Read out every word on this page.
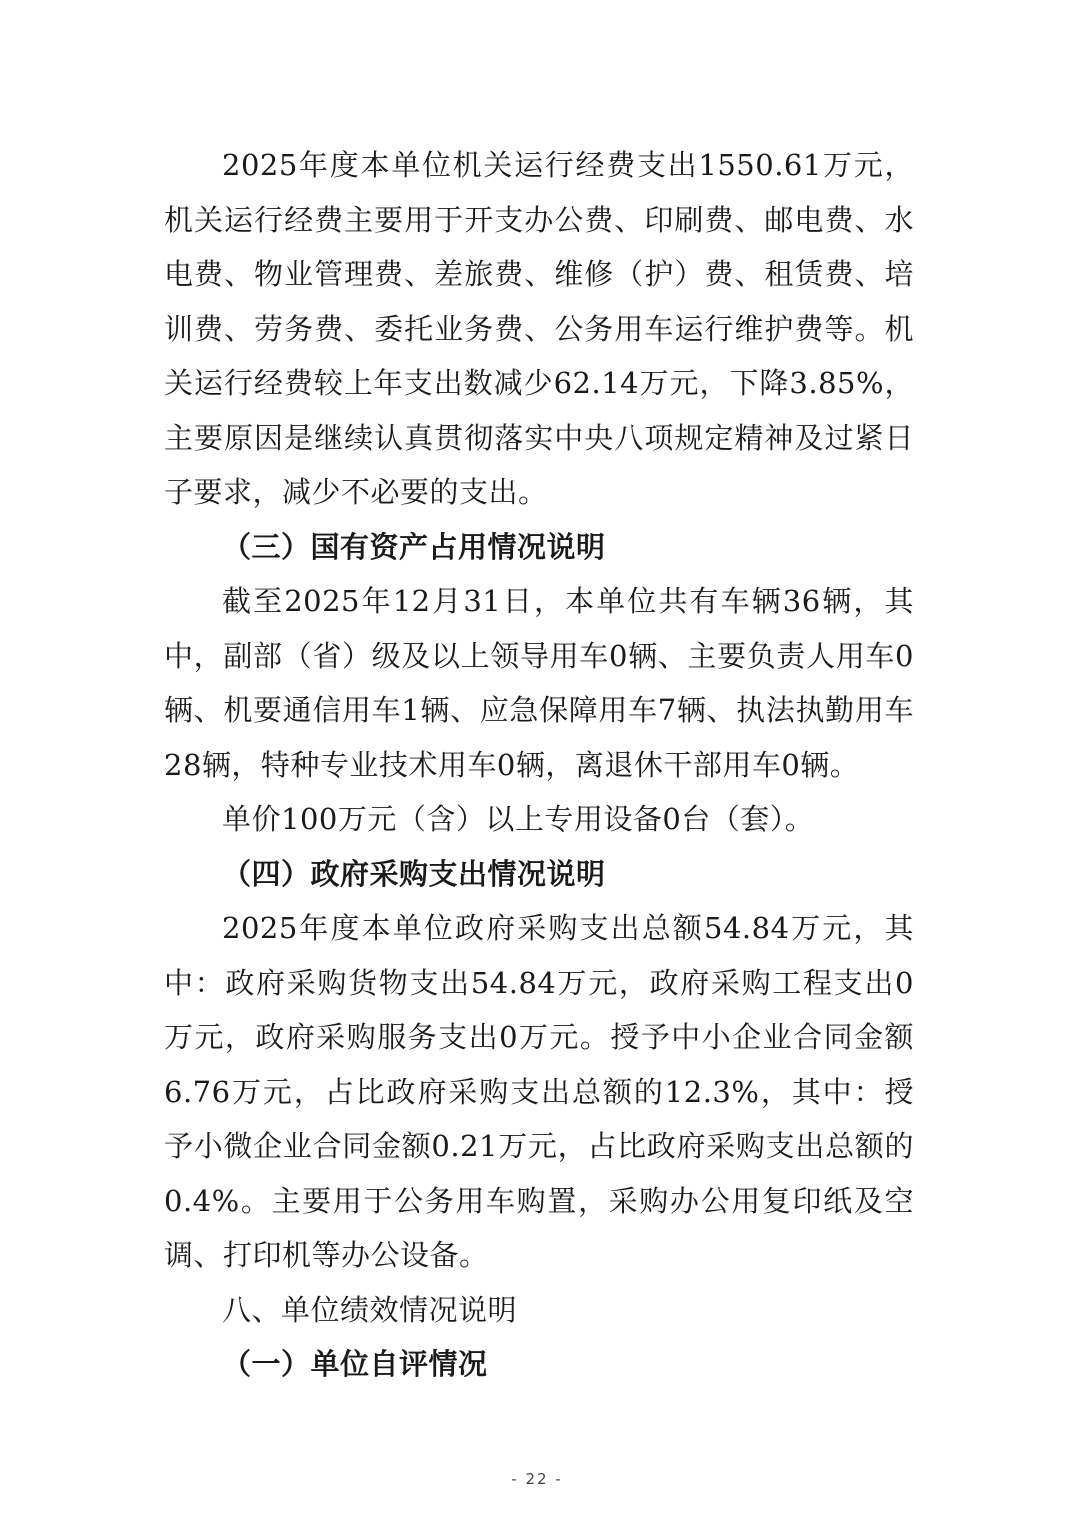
2025年度本单位机关运行经费支出1550.61万元，机关运行经费主要用于开支办公费、印刷费、邮电费、水电费、物业管理费、差旅费、维修（护）费、租赁费、培训费、劳务费、委托业务费、公务用车运行维护费等。机关运行经费较上年支出数减少62.14万元，下降3.85%，主要原因是继续认真贯彻落实中央八项规定精神及过紧日子要求，减少不必要的支出。

（三）国有资产占用情况说明

截至2025年12月31日，本单位共有车辆36辆，其中，副部（省）级及以上领导用车0辆、主要负责人用车0辆、机要通信用车1辆、应急保障用车7辆、执法执勤用车28辆，特种专业技术用车0辆，离退休干部用车0辆。

单价100万元（含）以上专用设备0台（套）。

（四）政府采购支出情况说明

2025年度本单位政府采购支出总额54.84万元，其中：政府采购货物支出54.84万元，政府采购工程支出0万元，政府采购服务支出0万元。授予中小企业合同金额6.76万元，占比政府采购支出总额的12.3%，其中：授予小微企业合同金额0.21万元，占比政府采购支出总额的0.4%。主要用于公务用车购置，采购办公用复印纸及空调、打印机等办公设备。

八、单位绩效情况说明

（一）单位自评情况

- 22 -
